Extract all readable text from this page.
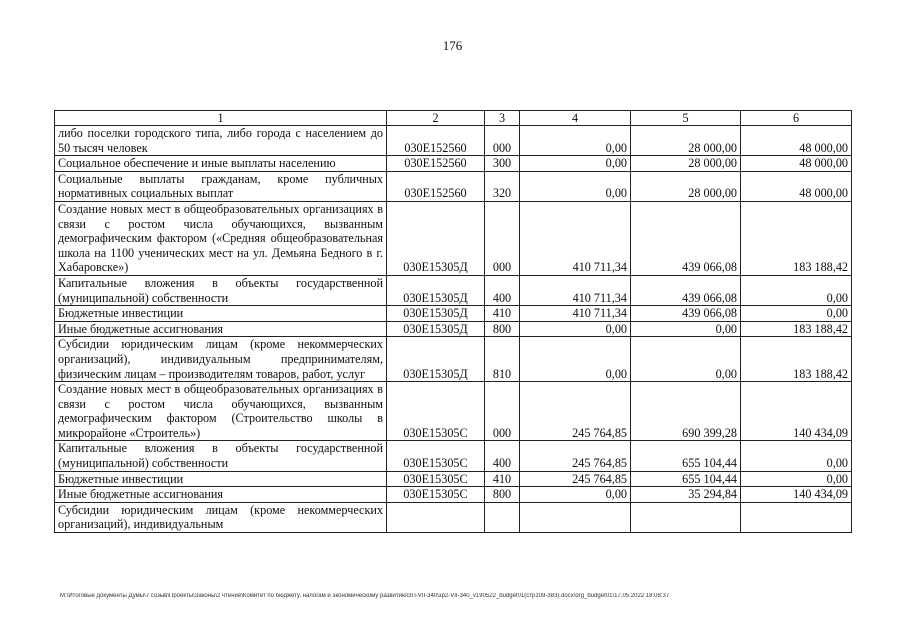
176
1	2	3	4	5	6
либо поселки городского типа, либо города с населением до 50 тысяч человек	030Е152560	000	0,00	28 000,00	48 000,00
Социальное обеспечение и иные выплаты населению	030Е152560	300	0,00	28 000,00	48 000,00
Социальные выплаты гражданам, кроме публичных нормативных социальных выплат	030Е152560	320	0,00	28 000,00	48 000,00
Создание новых мест в общеобразовательных организациях в связи с ростом числа обучающихся, вызванным демографическим фактором («Средняя общеобразовательная школа на 1100 ученических мест на ул. Демьяна Бедного в г. Хабаровске»)	030Е15305Д	000	410 711,34	439 066,08	183 188,42
Капитальные вложения в объекты государственной (муниципальной) собственности	030Е15305Д	400	410 711,34	439 066,08	0,00
Бюджетные инвестиции	030Е15305Д	410	410 711,34	439 066,08	0,00
Иные бюджетные ассигнования	030Е15305Д	800	0,00	0,00	183 188,42
Субсидии юридическим лицам (кроме некоммерческих организаций), индивидуальным предпринимателям, физическим лицам – производителям товаров, работ, услуг	030Е15305Д	810	0,00	0,00	183 188,42
Создание новых мест в общеобразовательных организациях в связи с ростом числа обучающихся, вызванным демографическим фактором (Строительство школы в микрорайоне «Строитель»)	030Е15305С	000	245 764,85	690 399,28	140 434,09
Капитальные вложения в объекты государственной (муниципальной) собственности	030Е15305С	400	245 764,85	655 104,44	0,00
Бюджетные инвестиции	030Е15305С	410	245 764,85	655 104,44	0,00
Иные бюджетные ассигнования	030Е15305С	800	0,00	35 294,84	140 434,09
Субсидии юридическим лицам (кроме некоммерческих организаций), индивидуальным					
M:\Итоговые документы Думы\7 созыв\Проекты\Законы\2 чтение\Комитет по бюджету, налогам и экономическому развитию\3П-VII-340\зр2-VII-340_v190522_budget01(стр109-383).docx\org_budget01\17.05.2022 18:08:37
